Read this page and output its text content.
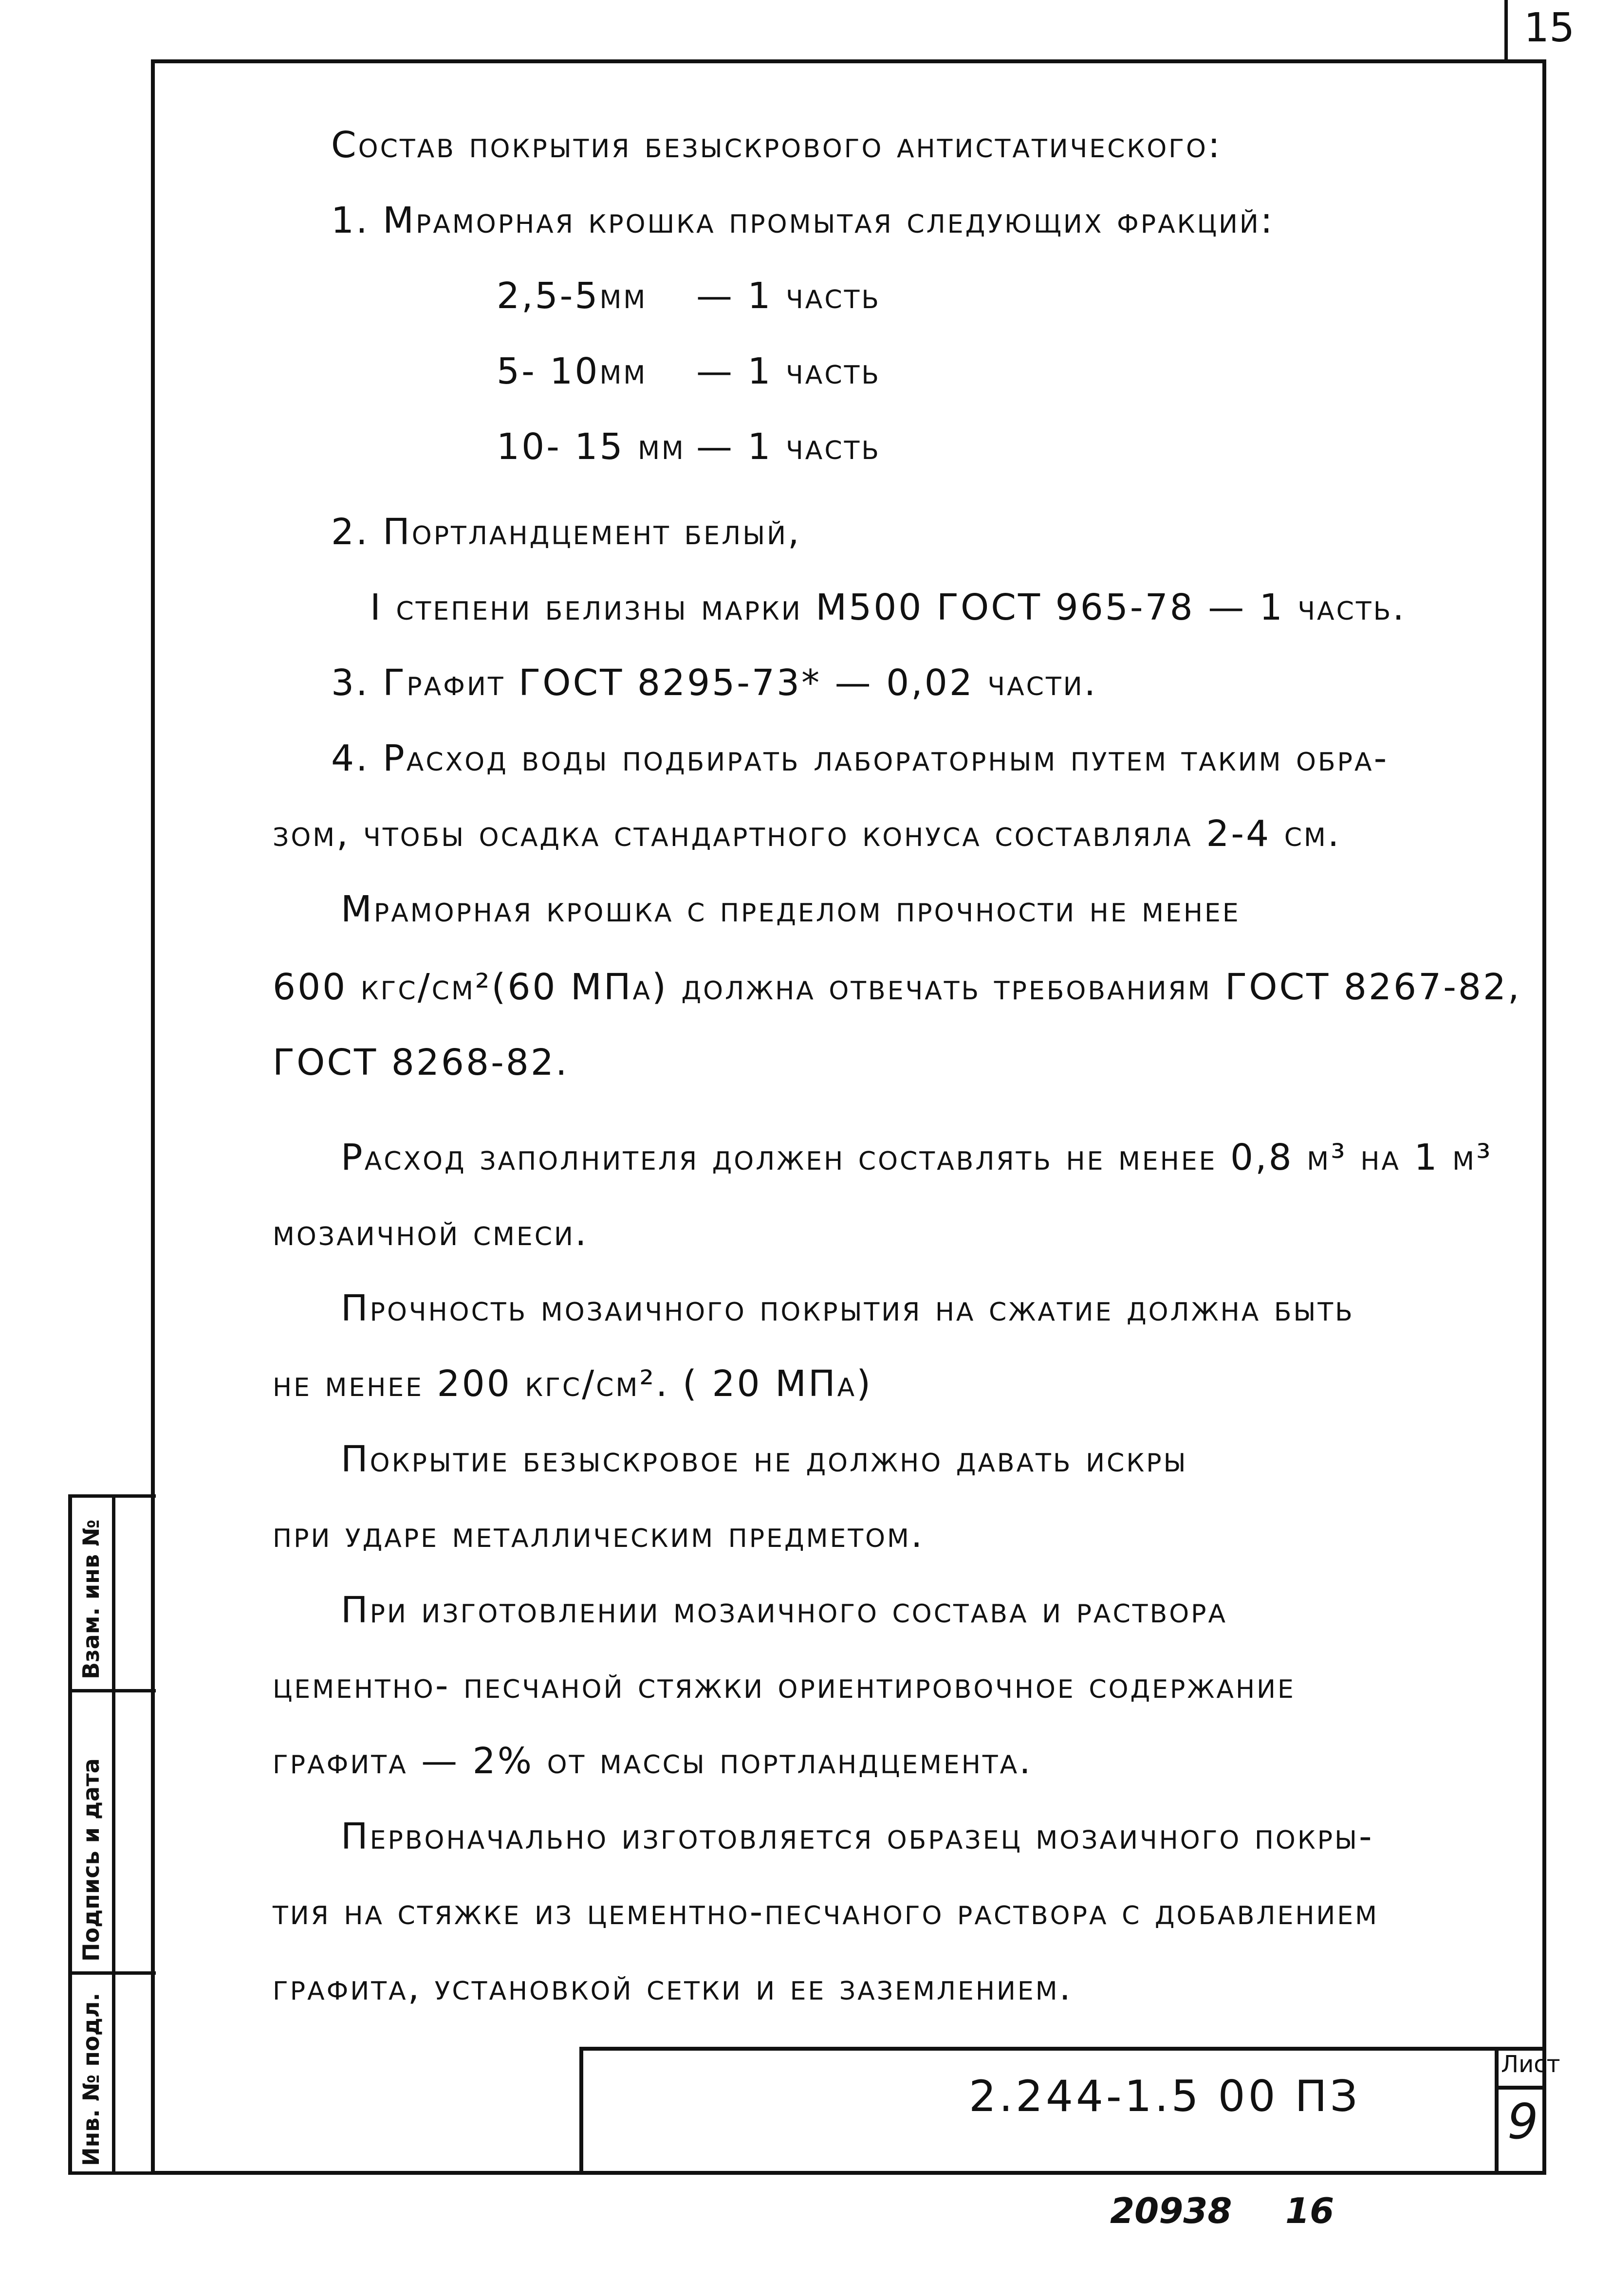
15
Состав покрытия безыскрового антистатического:
1. Мраморная крошка промытая следующих фракций:
2,5-5мм — 1 часть
5- 10мм — 1 часть
10- 15 мм — 1 часть
2. Портландцемент белый,
I степени белизны марки М500 ГОСТ 965-78 — 1 часть.
3. Графит ГОСТ 8295-73* — 0,02 части.
4. Расход воды подбирать лабораторным путем таким обра-
зом, чтобы осадка стандартного конуса составляла 2-4 см.
Мраморная крошка с пределом прочности не менее
600 кгс/см²(60 МПа) должна отвечать требованиям ГОСТ 8267-82,
ГОСТ 8268-82.
Расход заполнителя должен составлять не менее 0,8 м³ на 1 м³
мозаичной смеси.
Прочность мозаичного покрытия на сжатие должна быть
не менее 200 кгс/см². ( 20 МПа)
Покрытие безыскровое не должно давать искры
при ударе металлическим предметом.
При изготовлении мозаичного состава и раствора
цементно- песчаной стяжки ориентировочное содержание
графита — 2% от массы портландцемента.
Первоначально изготовляется образец мозаичного покры-
тия на стяжке из цементно-песчаного раствора с добавлением
графита, установкой сетки и ее заземлением.
Взам. инв №
Подпись и дата
Инв. № подл.	2.244-1.5 00 ПЗ
Лист
9
20938 16
